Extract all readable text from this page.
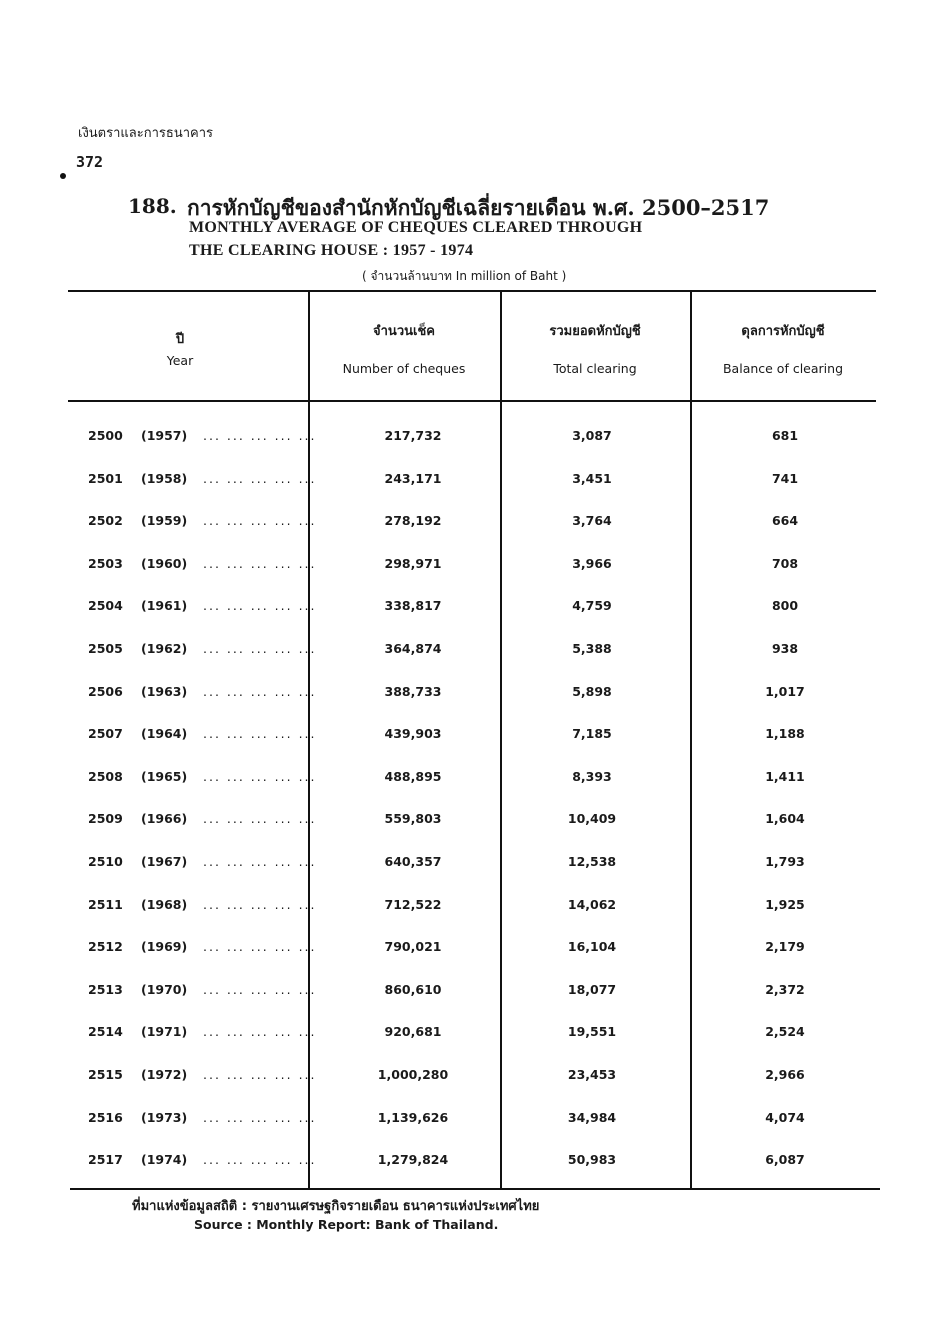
เงินตราและการธนาคาร
372
188. การหักบัญชีของสำนักหักบัญชีเฉลี่ยรายเดือน พ.ศ. 2500–2517
MONTHLY AVERAGE OF CHEQUES CLEARED THROUGH
THE CLEARING HOUSE : 1957 - 1974
( จำนวนล้านบาท In million of Baht )
ปี
Year
จำนวนเช็ค
Number of cheques
รวมยอดหักบัญชี
Total clearing
ดุลการหักบัญชี
Balance of clearing
2500 (1957) ... ... ... ... ...	217,732	3,087	681
2501 (1958) ... ... ... ... ...	243,171	3,451	741
2502 (1959) ... ... ... ... ...	278,192	3,764	664
2503 (1960) ... ... ... ... ...	298,971	3,966	708
2504 (1961) ... ... ... ... ...	338,817	4,759	800
2505 (1962) ... ... ... ... ...	364,874	5,388	938
2506 (1963) ... ... ... ... ...	388,733	5,898	1,017
2507 (1964) ... ... ... ... ...	439,903	7,185	1,188
2508 (1965) ... ... ... ... ...	488,895	8,393	1,411
2509 (1966) ... ... ... ... ...	559,803	10,409	1,604
2510 (1967) ... ... ... ... ...	640,357	12,538	1,793
2511 (1968) ... ... ... ... ...	712,522	14,062	1,925
2512 (1969) ... ... ... ... ...	790,021	16,104	2,179
2513 (1970) ... ... ... ... ...	860,610	18,077	2,372
2514 (1971) ... ... ... ... ...	920,681	19,551	2,524
2515 (1972) ... ... ... ... ...	1,000,280	23,453	2,966
2516 (1973) ... ... ... ... ...	1,139,626	34,984	4,074
2517 (1974) ... ... ... ... ...	1,279,824	50,983	6,087
ที่มาแห่งข้อมูลสถิติ : รายงานเศรษฐกิจรายเดือน ธนาคารแห่งประเทศไทย
Source : Monthly Report: Bank of Thailand.
